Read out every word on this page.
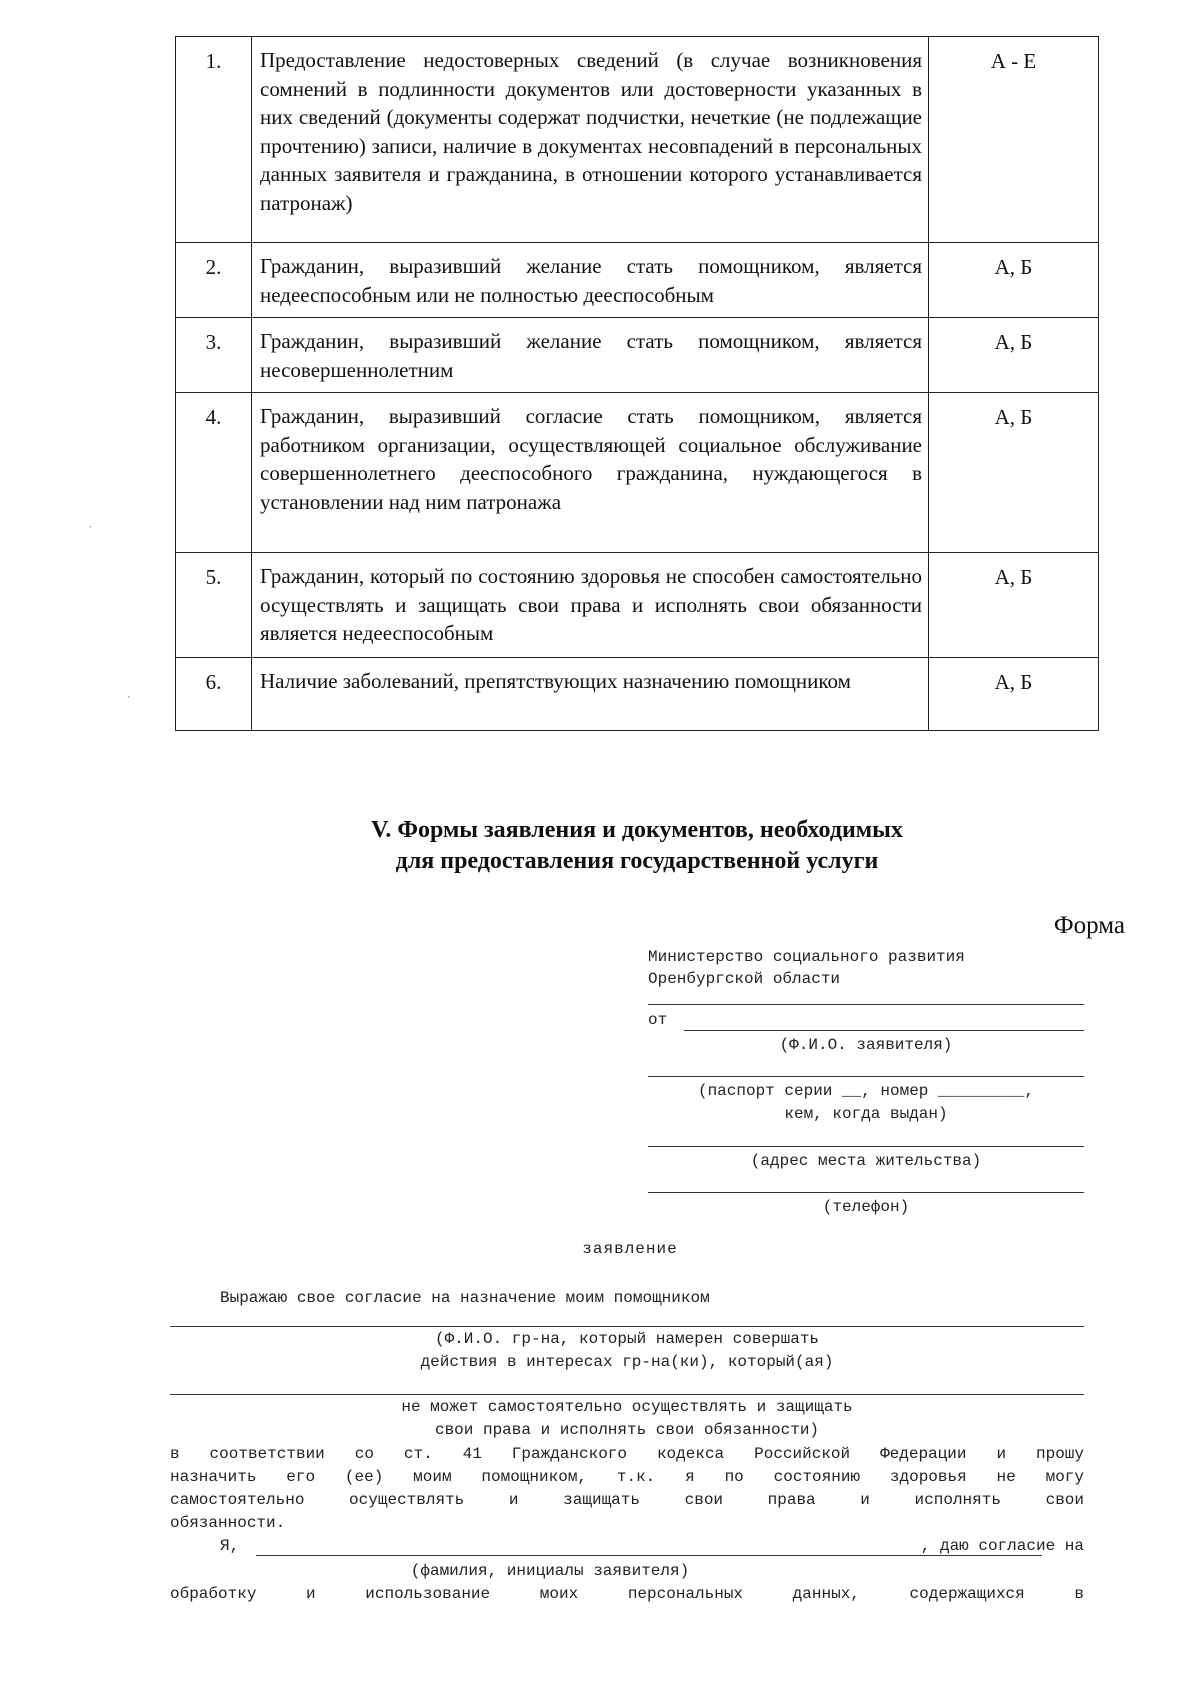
1.	Предоставление недостоверных сведений (в случае возникновения сомнений в подлинности документов или достоверности указанных в них сведений (документы содержат подчистки, нечеткие (не подлежащие прочтению) записи, наличие в документах несовпадений в персональных данных заявителя и гражданина, в отношении которого устанавливается патронаж)	А - Е
2.	Гражданин, выразивший желание стать помощником, является недееспособным или не полностью дееспособным	А, Б
3.	Гражданин, выразивший желание стать помощником, является несовершеннолетним	А, Б
4.	Гражданин, выразивший согласие стать помощником, является работником организации, осуществляющей социальное обслуживание совершеннолетнего дееспособного гражданина, нуждающегося в установлении над ним патронажа	А, Б
5.	Гражданин, который по состоянию здоровья не способен самостоятельно осуществлять и защищать свои права и исполнять свои обязанности является недееспособным	А, Б
6.	Наличие заболеваний, препятствующих назначению помощником	А, Б
V. Формы заявления и документов, необходимых
для предоставления государственной услуги
Форма
Министерство социального развития
Оренбургской области
от
(Ф.И.О. заявителя)
(паспорт серии __, номер _________,
кем, когда выдан)
(адрес места жительства)
(телефон)
заявление
Выражаю свое согласие на назначение моим помощником
(Ф.И.О. гр-на, который намерен совершать
действия в интересах гр-на(ки), который(ая)
не может самостоятельно осуществлять и защищать
свои права и исполнять свои обязанности)
в соответствии со ст. 41 Гражданского кодекса Российской Федерации и прошу
назначить его (ее) моим помощником, т.к. я по состоянию здоровья не могу
самостоятельно осуществлять и защищать свои права и исполнять свои
обязанности.
Я,	, даю согласие на
(фамилия, инициалы заявителя)
обработку и использование моих персональных данных, содержащихся в
·
·
